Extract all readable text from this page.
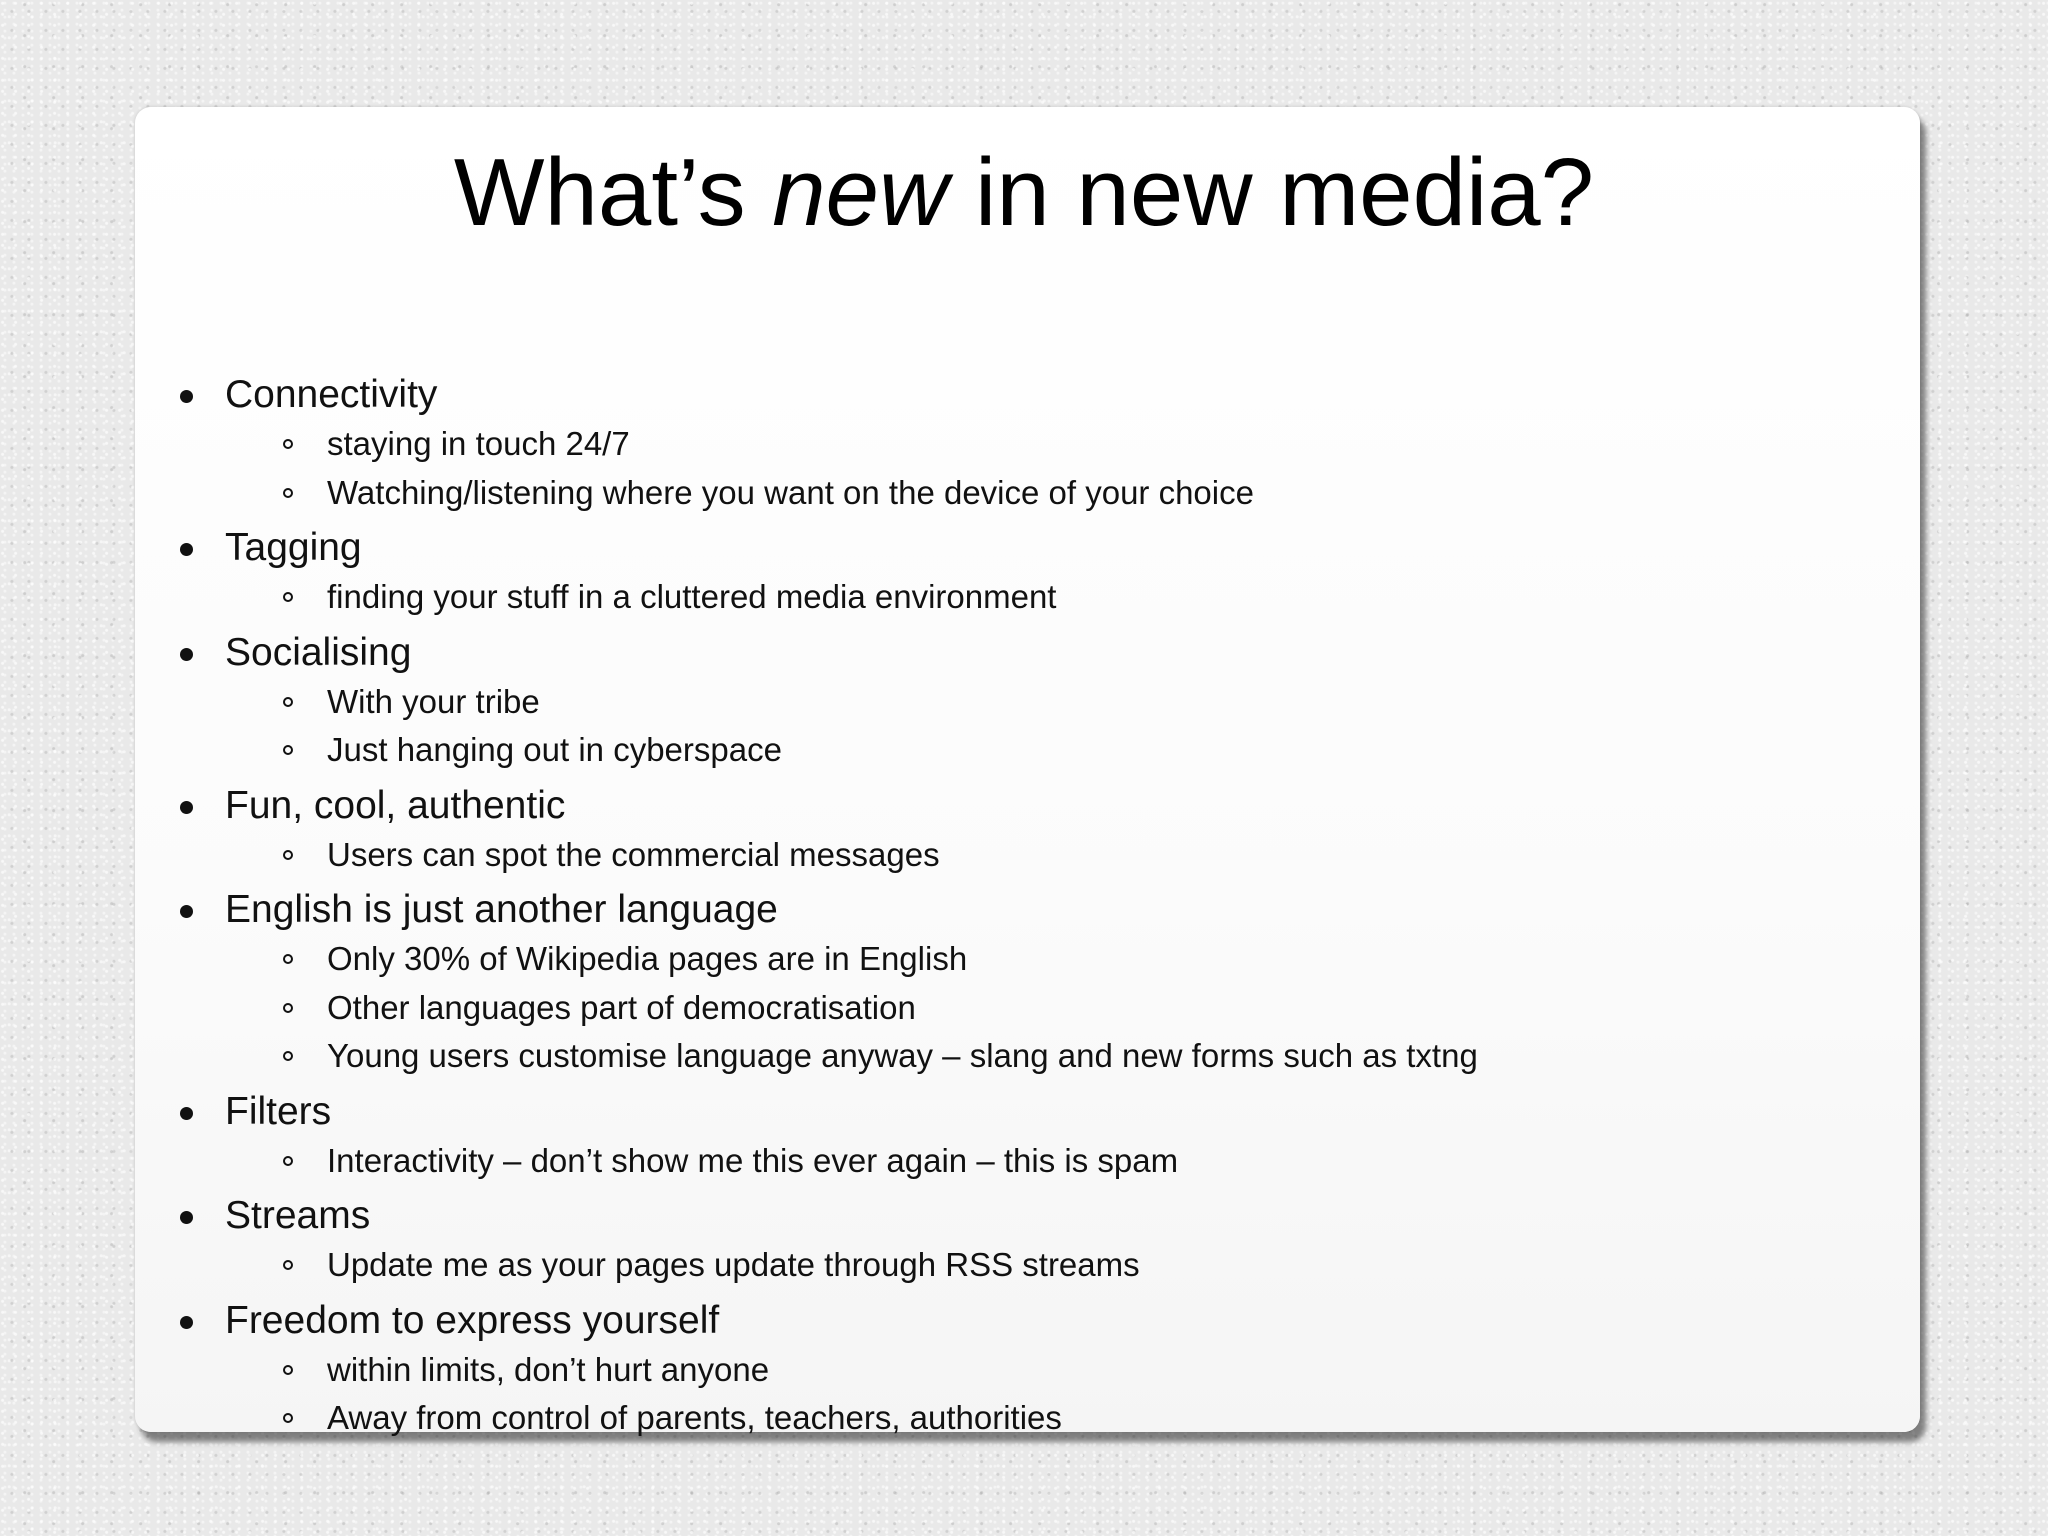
What’s new in new media?
Connectivity
staying in touch 24/7
Watching/listening where you want on the device of your choice
Tagging
finding your stuff in a cluttered media environment
Socialising
With your tribe
Just hanging out in cyberspace
Fun, cool, authentic
Users can spot the commercial messages
English is just another language
Only 30% of Wikipedia pages are in English
Other languages part of democratisation
Young users customise language anyway – slang and new forms such as txtng
Filters
Interactivity – don’t show me this ever again – this is spam
Streams
Update me as your pages update through RSS streams
Freedom to express yourself
within limits, don’t hurt anyone
Away from control of parents, teachers, authorities
